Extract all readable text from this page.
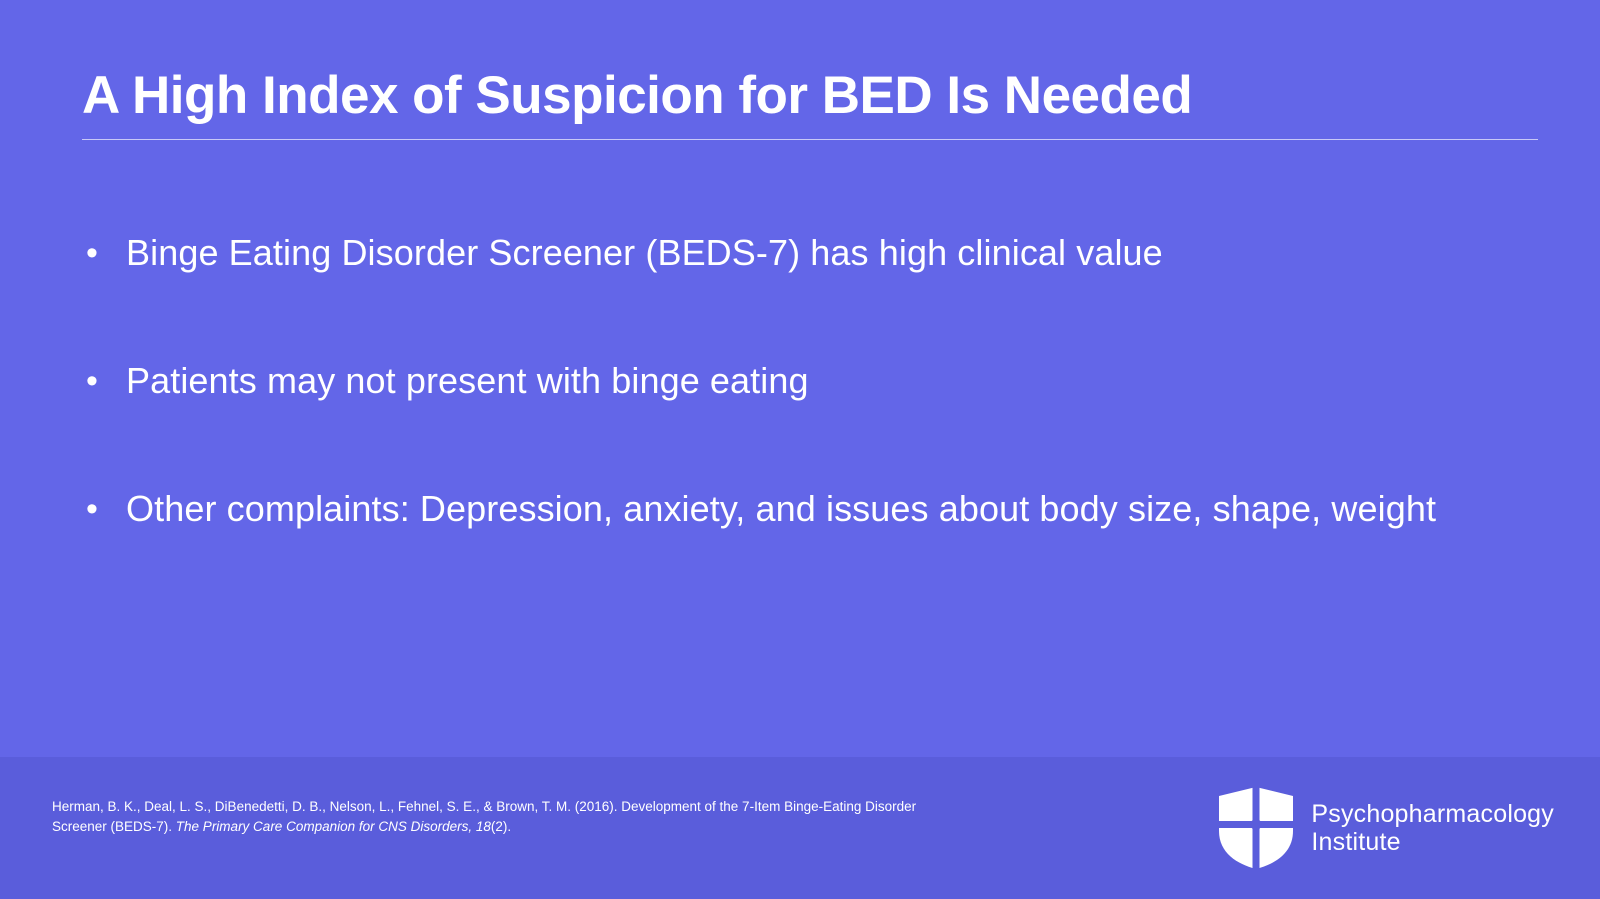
A High Index of Suspicion for BED Is Needed
• Binge Eating Disorder Screener (BEDS-7) has high clinical value
• Patients may not present with binge eating
• Other complaints: Depression, anxiety, and issues about body size, shape, weight
Herman, B. K., Deal, L. S., DiBenedetti, D. B., Nelson, L., Fehnel, S. E., & Brown, T. M. (2016). Development of the 7-Item Binge-Eating Disorder Screener (BEDS-7). The Primary Care Companion for CNS Disorders, 18(2).	Psychopharmacology
Institute
